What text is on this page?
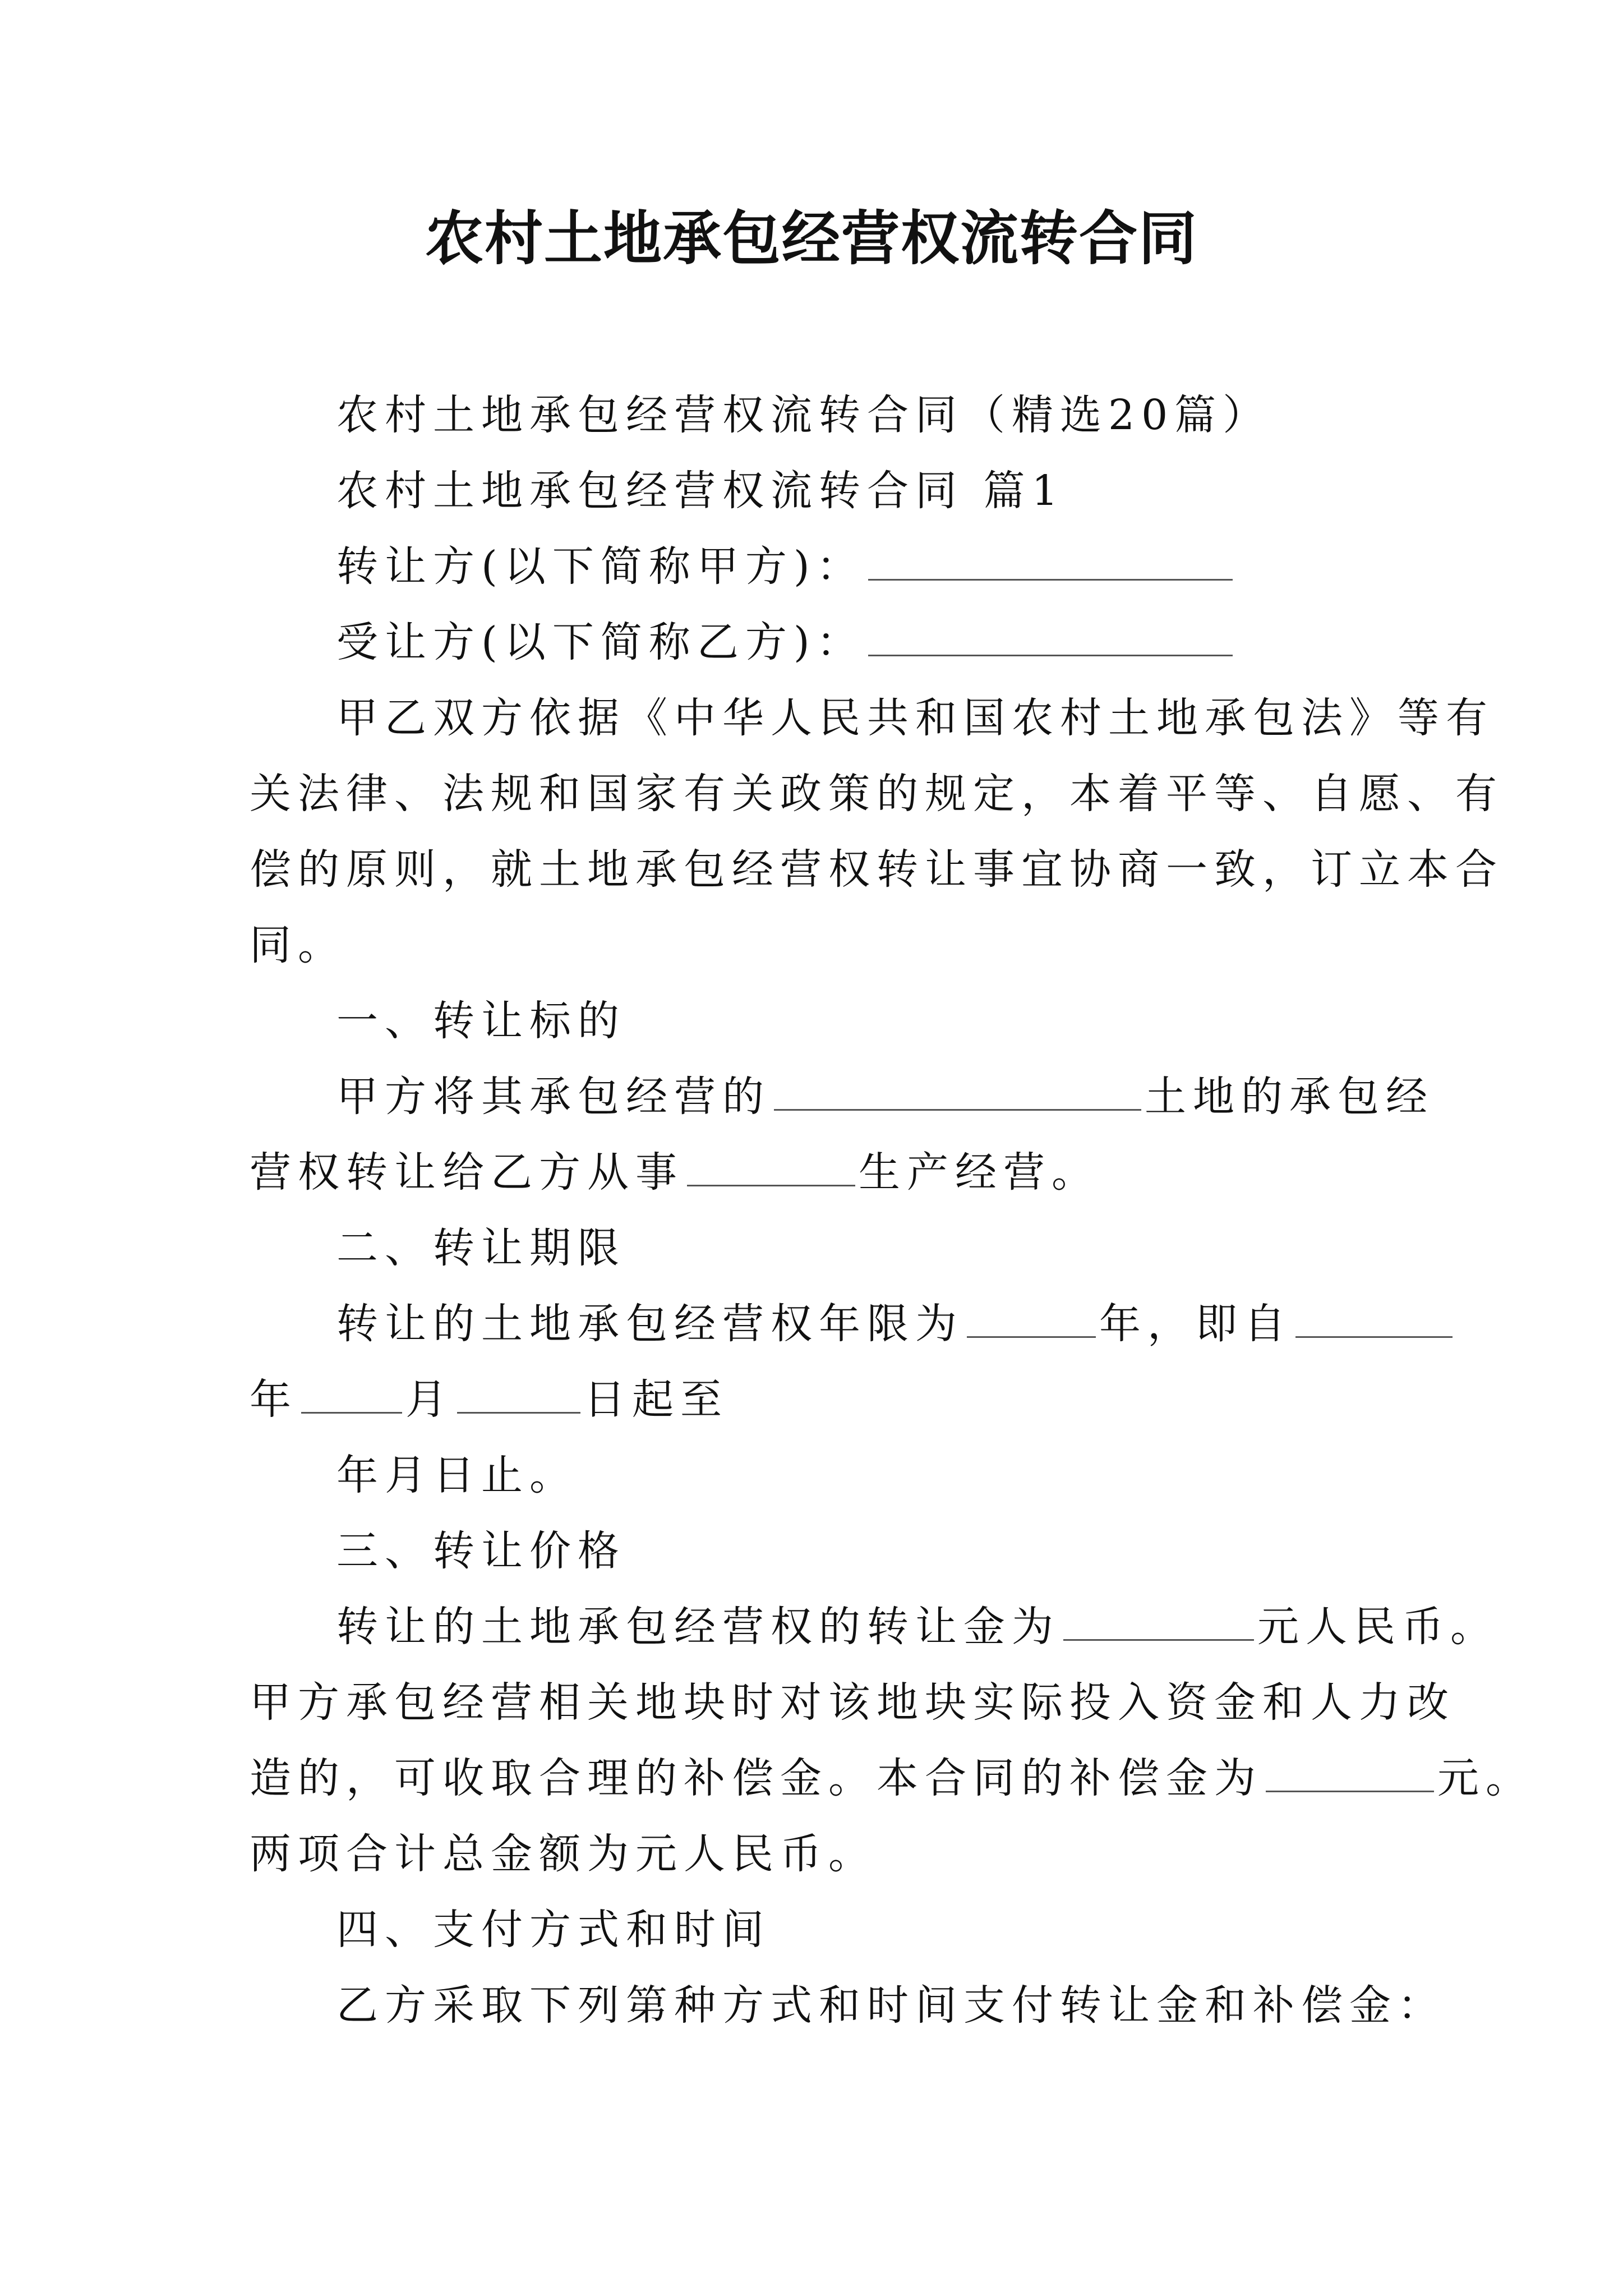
农村土地承包经营权流转合同
农村土地承包经营权流转合同（精选20篇）
农村土地承包经营权流转合同 篇1
转让方(以下简称甲方)：
受让方(以下简称乙方)：
甲乙双方依据《中华人民共和国农村土地承包法》等有
关法律、法规和国家有关政策的规定，本着平等、自愿、有
偿的原则，就土地承包经营权转让事宜协商一致，订立本合
同。
一、转让标的
甲方将其承包经营的	土地的承包经
营权转让给乙方从事	生产经营。
二、转让期限
转让的土地承包经营权年限为	年，即自
年	月	日起至
年月日止。
三、转让价格
转让的土地承包经营权的转让金为	元人民币。
甲方承包经营相关地块时对该地块实际投入资金和人力改
造的，可收取合理的补偿金。本合同的补偿金为	元。
两项合计总金额为元人民币。
四、支付方式和时间
乙方采取下列第种方式和时间支付转让金和补偿金：
